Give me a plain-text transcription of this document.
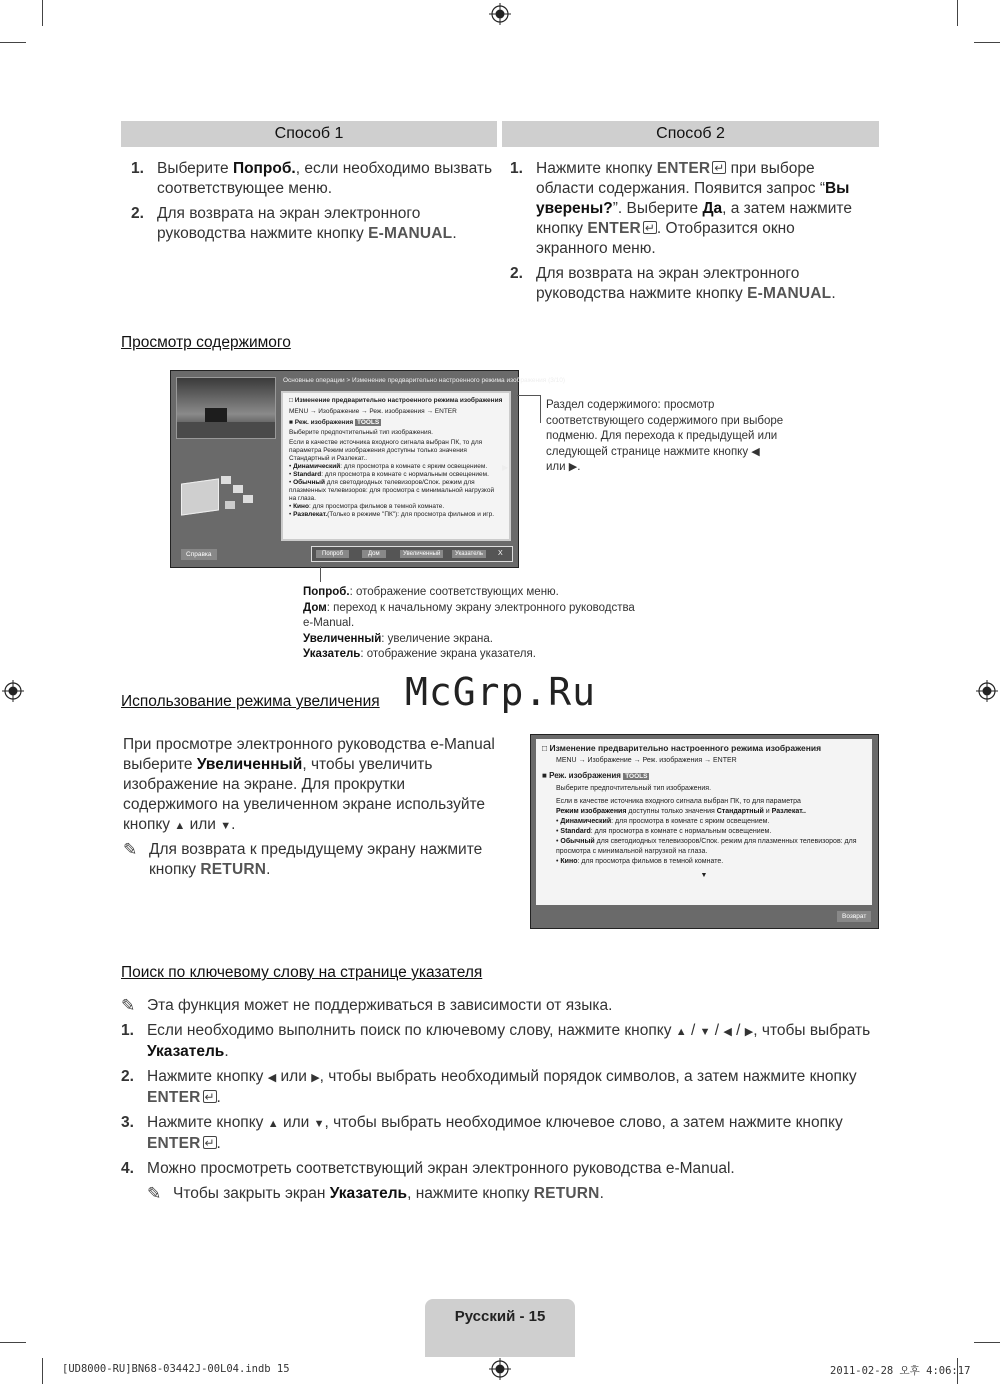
Способ 1	Способ 2
1. Выберите Попроб., если необходимо вызвать соответствующее меню.
2. Для возврата на экран электронного руководства нажмите кнопку E-MANUAL.
1. Нажмите кнопку ENTER↵ при выборе области содержания. Появится запрос “Вы уверены?”. Выберите Да, а затем нажмите кнопку ENTER ↵ . Отобразится окно экранного меню.
2. Для возврата на экран электронного руководства нажмите кнопку E-MANUAL.
Просмотр содержимого
Основные операции > Изменение предварительно настроенного режима изображения (3/10)
□ Изменение предварительно настроенного режима изображения
MENU → Изображение → Реж. изображения → ENTER
■ Реж. изображения TOOLS
Выберите предпочтительный тип изображения.
Если в качестве источника входного сигнала выбран ПК, то для параметра Режим изображения доступны только значения Стандартный и Разлекат..
• Динамический: для просмотра в комнате с ярким освещением.
• Standard: для просмотра в комнате с нормальным освещением.
• Обычный для светодиодных телевизоров/Спок. режим для плазменных телевизоров: для просмотра с минимальной нагрузкой на глаза.
• Кино: для просмотра фильмов в темной комнате.
• Развлекат.(Только в режиме "ПК"): для просмотра фильмов и игр.
▶
Справка	Попроб	Дом	Увеличенный	Указатель	X
Раздел содержимого: просмотр соответствующего содержимого при выборе подменю. Для перехода к предыдущей или следующей странице нажмите кнопку ◀
или ▶.
Попроб.: отображение соответствующих меню.
Дом: переход к начальному экрану электронного руководства e-Manual.
Увеличенный: увеличение экрана.
Указатель: отображение экрана указателя.
Использование режима увеличения McGrp.Ru
При просмотре электронного руководства e-Manual выберите Увеличенный, чтобы увеличить изображение на экране. Для прокрутки содержимого на увеличенном экране используйте кнопку ▲ или ▼.
✎ Для возврата к предыдущему экрану нажмите кнопку RETURN.
□ Изменение предварительно настроенного режима изображения
MENU → Изображение → Реж. изображения → ENTER
■ Реж. изображения TOOLS
Выберите предпочтительный тип изображения.
Если в качестве источника входного сигнала выбран ПК, то для параметра
Режим изображения доступны только значения Стандартный и Разлекат..
• Динамический: для просмотра в комнате с ярким освещением.
• Standard: для просмотра в комнате с нормальным освещением.
• Обычный для светодиодных телевизоров/Спок. режим для плазменных телевизоров: для просмотра с минимальной нагрузкой на глаза.
• Кино: для просмотра фильмов в темной комнате.
▼
Возврат
Поиск по ключевому слову на странице указателя
✎ Эта функция может не поддерживаться в зависимости от языка.
1. Если необходимо выполнить поиск по ключевому слову, нажмите кнопку ▲ / ▼ / ◀ / ▶, чтобы выбрать Указатель.
2. Нажмите кнопку ◀ или ▶, чтобы выбрать необходимый порядок символов, а затем нажмите кнопку ENTER ↵ .
3. Нажмите кнопку ▲ или ▼, чтобы выбрать необходимое ключевое слово, а затем нажмите кнопку ENTER ↵ .
4. Можно просмотреть соответствующий экран электронного руководства e-Manual.
✎ Чтобы закрыть экран Указатель, нажмите кнопку RETURN.
Русский - 15
[UD8000-RU]BN68-03442J-00L04.indb 15	2011-02-28 오후 4:06:17
